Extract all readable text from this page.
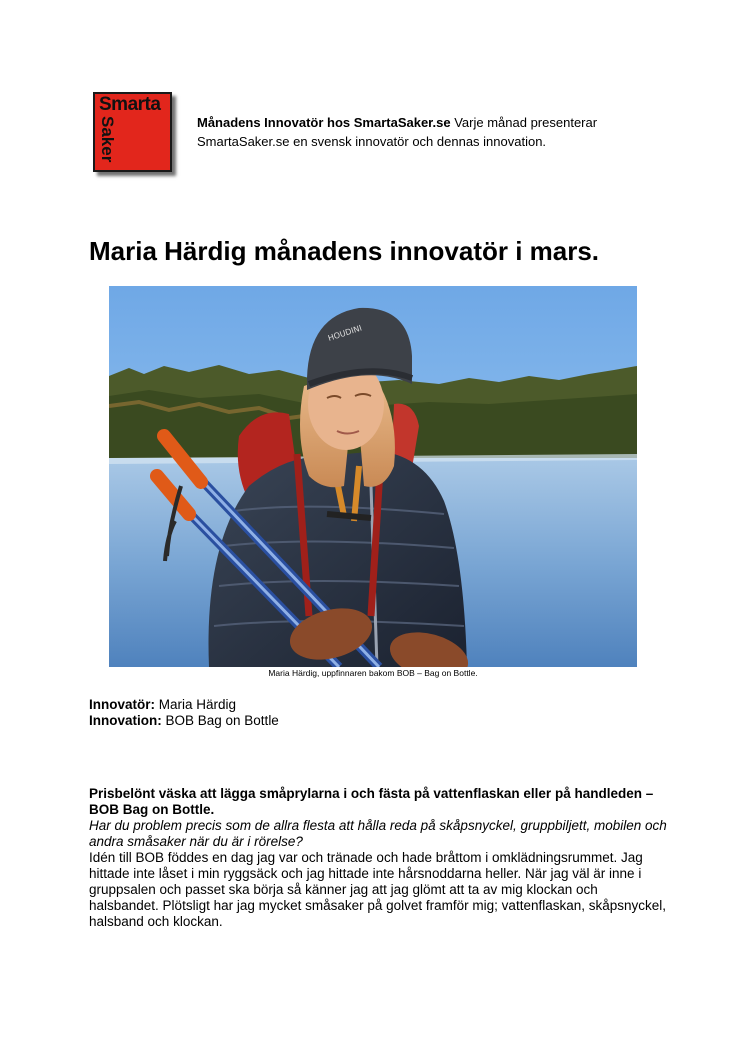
Smarta
Saker	Månadens Innovatör hos SmartaSaker.se Varje månad presenterar SmartaSaker.se en svensk innovatör och dennas innovation.
Maria Härdig månadens innovatör i mars.
HOUDINI
Maria Härdig, uppfinnaren bakom BOB – Bag on Bottle.
Innovatör: Maria Härdig
Innovation: BOB Bag on Bottle

Prisbelönt väska att lägga småprylarna i och fästa på vattenflaskan eller på handleden –

BOB Bag on Bottle.

Har du problem precis som de allra flesta att hålla reda på skåpsnyckel, gruppbiljett, mobilen och andra småsaker när du är i rörelse?

Idén till BOB föddes en dag jag var och tränade och hade bråttom i omklädningsrummet. Jag hittade inte låset i min ryggsäck och jag hittade inte hårsnoddarna heller. När jag väl är inne i gruppsalen och passet ska börja så känner jag att jag glömt att ta av mig klockan och halsbandet. Plötsligt har jag mycket småsaker på golvet framför mig; vattenflaskan, skåpsnyckel, halsband och klockan.
